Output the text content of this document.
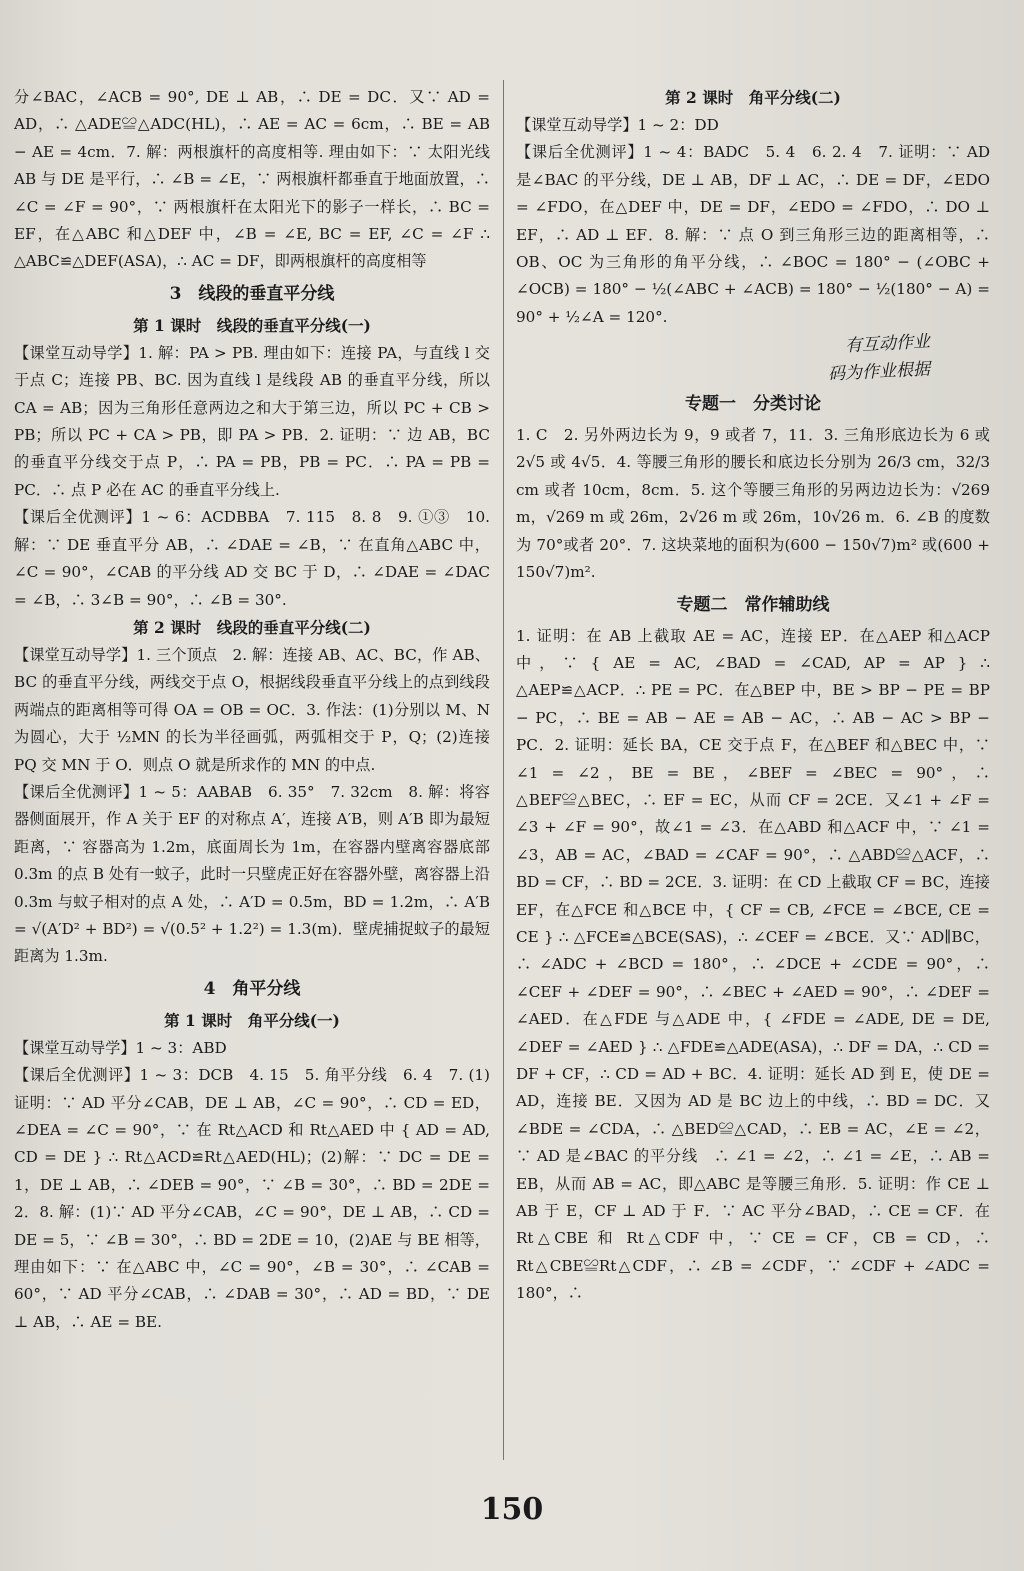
分∠BAC，∠ACB = 90°, DE ⊥ AB，∴ DE = DC．又∵ AD = AD，∴ △ADE≌△ADC(HL)，∴ AE = AC = 6cm，∴ BE = AB − AE = 4cm．7. 解：两根旗杆的高度相等. 理由如下：∵ 太阳光线 AB 与 DE 是平行，∴ ∠B = ∠E，∵ 两根旗杆都垂直于地面放置，∴ ∠C = ∠F = 90°，∵ 两根旗杆在太阳光下的影子一样长，∴ BC = EF，在△ABC 和△DEF 中，∠B = ∠E, BC = EF, ∠C = ∠F ∴ △ABC≌△DEF(ASA)，∴ AC = DF，即两根旗杆的高度相等

3　线段的垂直平分线

第 1 课时　线段的垂直平分线(一)

【课堂互动导学】1. 解：PA > PB. 理由如下：连接 PA，与直线 l 交于点 C；连接 PB、BC. 因为直线 l 是线段 AB 的垂直平分线，所以 CA = AB；因为三角形任意两边之和大于第三边，所以 PC + CB > PB；所以 PC + CA > PB，即 PA > PB．2. 证明：∵ 边 AB，BC 的垂直平分线交于点 P，∴ PA = PB，PB = PC．∴ PA = PB = PC．∴ 点 P 必在 AC 的垂直平分线上.

【课后全优测评】1 ~ 6：ACDBBA　7. 115　8. 8　9. ①③　10. 解：∵ DE 垂直平分 AB，∴ ∠DAE = ∠B，∵ 在直角△ABC 中，∠C = 90°，∠CAB 的平分线 AD 交 BC 于 D，∴ ∠DAE = ∠DAC = ∠B，∴ 3∠B = 90°，∴ ∠B = 30°.

第 2 课时　线段的垂直平分线(二)

【课堂互动导学】1. 三个顶点　2. 解：连接 AB、AC、BC，作 AB、BC 的垂直平分线，两线交于点 O，根据线段垂直平分线上的点到线段两端点的距离相等可得 OA = OB = OC．3. 作法：(1)分别以 M、N 为圆心，大于 ½MN 的长为半径画弧，两弧相交于 P，Q；(2)连接 PQ 交 MN 于 O．则点 O 就是所求作的 MN 的中点.

【课后全优测评】1 ~ 5：AABAB　6. 35°　7. 32cm　8. 解：将容器侧面展开，作 A 关于 EF 的对称点 A′，连接 A′B，则 A′B 即为最短距离，∵ 容器高为 1.2m，底面周长为 1m，在容器内壁离容器底部 0.3m 的点 B 处有一蚊子，此时一只壁虎正好在容器外壁，离容器上沿 0.3m 与蚊子相对的点 A 处，∴ A′D = 0.5m，BD = 1.2m，∴ A′B = √(A′D² + BD²) = √(0.5² + 1.2²) = 1.3(m)．壁虎捕捉蚊子的最短距离为 1.3m.

4　角平分线

第 1 课时　角平分线(一)

【课堂互动导学】1 ~ 3：ABD

【课后全优测评】1 ~ 3：DCB　4. 15　5. 角平分线　6. 4　7. (1)证明：∵ AD 平分∠CAB，DE ⊥ AB，∠C = 90°，∴ CD = ED，∠DEA = ∠C = 90°，∵ 在 Rt△ACD 和 Rt△AED 中 { AD = AD, CD = DE } ∴ Rt△ACD≌Rt△AED(HL)；(2)解：∵ DC = DE = 1，DE ⊥ AB，∴ ∠DEB = 90°，∵ ∠B = 30°，∴ BD = 2DE = 2．8. 解：(1)∵ AD 平分∠CAB，∠C = 90°，DE ⊥ AB，∴ CD = DE = 5，∵ ∠B = 30°，∴ BD = 2DE = 10，(2)AE 与 BE 相等，理由如下：∵ 在△ABC 中，∠C = 90°，∠B = 30°，∴ ∠CAB = 60°，∵ AD 平分∠CAB，∴ ∠DAB = 30°，∴ AD = BD，∵ DE ⊥ AB，∴ AE = BE.

第 2 课时　角平分线(二)

【课堂互动导学】1 ~ 2：DD

【课后全优测评】1 ~ 4：BADC　5. 4　6. 2. 4　7. 证明：∵ AD 是∠BAC 的平分线，DE ⊥ AB，DF ⊥ AC，∴ DE = DF，∠EDO = ∠FDO，在△DEF 中，DE = DF，∠EDO = ∠FDO，∴ DO ⊥ EF，∴ AD ⊥ EF．8. 解：∵ 点 O 到三角形三边的距离相等，∴ OB、OC 为三角形的角平分线，∴ ∠BOC = 180° − (∠OBC + ∠OCB) = 180° − ½(∠ABC + ∠ACB) = 180° − ½(180° − A) = 90° + ½∠A = 120°.

有互动作业
码为作业根据

专题一　分类讨论

1. C　2. 另外两边长为 9，9 或者 7，11．3. 三角形底边长为 6 或 2√5 或 4√5．4. 等腰三角形的腰长和底边长分别为 26/3 cm，32/3 cm 或者 10cm，8cm．5. 这个等腰三角形的另两边边长为：√269 m，√269 m 或 26m，2√26 m 或 26m，10√26 m．6. ∠B 的度数为 70°或者 20°．7. 这块菜地的面积为(600 − 150√7)m² 或(600 + 150√7)m².

专题二　常作辅助线

1. 证明：在 AB 上截取 AE = AC，连接 EP．在△AEP 和△ACP 中，∵ { AE = AC, ∠BAD = ∠CAD, AP = AP } ∴ △AEP≌△ACP．∴ PE = PC．在△BEP 中，BE > BP − PE = BP − PC，∴ BE = AB − AE = AB − AC，∴ AB − AC > BP − PC．2. 证明：延长 BA，CE 交于点 F，在△BEF 和△BEC 中，∵ ∠1 = ∠2，BE = BE，∠BEF = ∠BEC = 90°，∴ △BEF≌△BEC，∴ EF = EC，从而 CF = 2CE．又∠1 + ∠F = ∠3 + ∠F = 90°，故∠1 = ∠3．在△ABD 和△ACF 中，∵ ∠1 = ∠3，AB = AC，∠BAD = ∠CAF = 90°，∴ △ABD≌△ACF，∴ BD = CF，∴ BD = 2CE．3. 证明：在 CD 上截取 CF = BC，连接 EF，在△FCE 和△BCE 中，{ CF = CB, ∠FCE = ∠BCE, CE = CE } ∴ △FCE≌△BCE(SAS)，∴ ∠CEF = ∠BCE．又∵ AD∥BC，∴ ∠ADC + ∠BCD = 180°，∴ ∠DCE + ∠CDE = 90°，∴ ∠CEF + ∠DEF = 90°，∴ ∠BEC + ∠AED = 90°，∴ ∠DEF = ∠AED．在△FDE 与△ADE 中，{ ∠FDE = ∠ADE, DE = DE, ∠DEF = ∠AED } ∴ △FDE≌△ADE(ASA)，∴ DF = DA，∴ CD = DF + CF，∴ CD = AD + BC．4. 证明：延长 AD 到 E，使 DE = AD，连接 BE．又因为 AD 是 BC 边上的中线，∴ BD = DC．又∠BDE = ∠CDA，∴ △BED≌△CAD，∴ EB = AC，∠E = ∠2，∵ AD 是∠BAC 的平分线　∴ ∠1 = ∠2，∴ ∠1 = ∠E，∴ AB = EB，从而 AB = AC，即△ABC 是等腰三角形．5. 证明：作 CE ⊥ AB 于 E，CF ⊥ AD 于 F．∵ AC 平分∠BAD，∴ CE = CF．在 Rt△CBE 和 Rt△CDF 中，∵ CE = CF，CB = CD，∴ Rt△CBE≌Rt△CDF，∴ ∠B = ∠CDF，∵ ∠CDF + ∠ADC = 180°，∴

150
